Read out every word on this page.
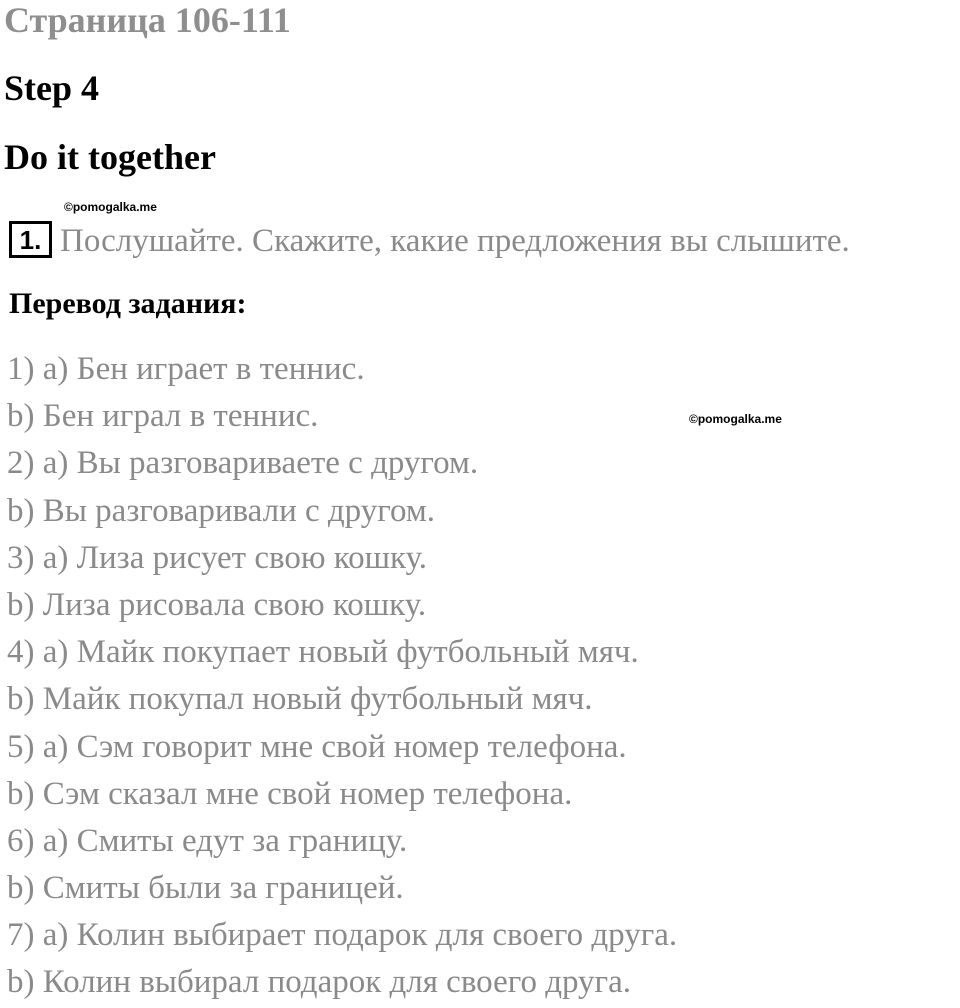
Страница 106-111
Step 4
Do it together
©pomogalka.me
1. Послушайте. Скажите, какие предложения вы слышите.
Перевод задания:
©pomogalka.me
1) a) Бен играет в теннис.
b) Бен играл в теннис.
2) a) Вы разговариваете с другом.
b) Вы разговаривали с другом.
3) a) Лиза рисует свою кошку.
b) Лиза рисовала свою кошку.
4) a) Майк покупает новый футбольный мяч.
b) Майк покупал новый футбольный мяч.
5) a) Сэм говорит мне свой номер телефона.
b) Сэм сказал мне свой номер телефона.
6) a) Смиты едут за границу.
b) Смиты были за границей.
7) a) Колин выбирает подарок для своего друга.
b) Колин выбирал подарок для своего друга.
